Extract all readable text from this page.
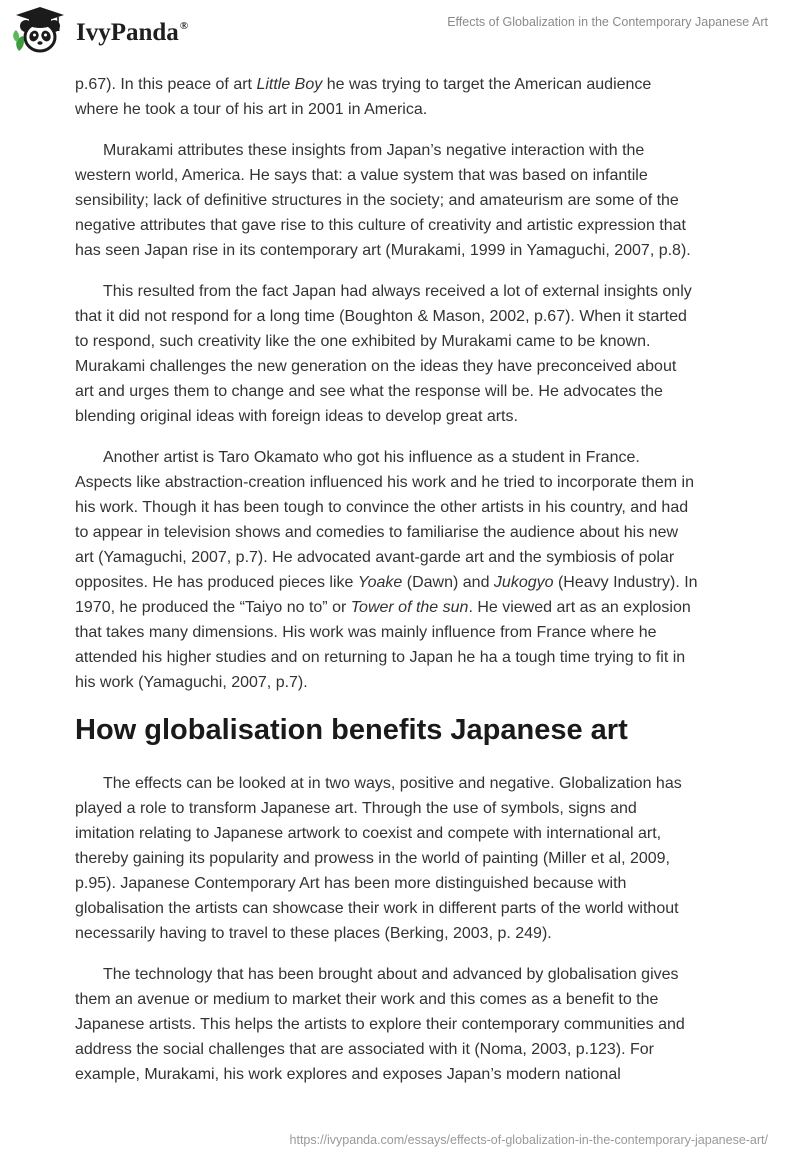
IvyPanda®	Effects of Globalization in the Contemporary Japanese Art

p.67). In this peace of art Little Boy he was trying to target the American audience
where he took a tour of his art in 2001 in America.

Murakami attributes these insights from Japan’s negative interaction with the
western world, America. He says that: a value system that was based on infantile
sensibility; lack of definitive structures in the society; and amateurism are some of the
negative attributes that gave rise to this culture of creativity and artistic expression that
has seen Japan rise in its contemporary art (Murakami, 1999 in Yamaguchi, 2007, p.8).

This resulted from the fact Japan had always received a lot of external insights only
that it did not respond for a long time (Boughton & Mason, 2002, p.67). When it started
to respond, such creativity like the one exhibited by Murakami came to be known.
Murakami challenges the new generation on the ideas they have preconceived about
art and urges them to change and see what the response will be. He advocates the
blending original ideas with foreign ideas to develop great arts.

Another artist is Taro Okamato who got his influence as a student in France.
Aspects like abstraction-creation influenced his work and he tried to incorporate them in
his work. Though it has been tough to convince the other artists in his country, and had
to appear in television shows and comedies to familiarise the audience about his new
art (Yamaguchi, 2007, p.7). He advocated avant-garde art and the symbiosis of polar
opposites. He has produced pieces like Yoake (Dawn) and Jukogyo (Heavy Industry). In
1970, he produced the “Taiyo no to” or Tower of the sun. He viewed art as an explosion
that takes many dimensions. His work was mainly influence from France where he
attended his higher studies and on returning to Japan he ha a tough time trying to fit in
his work (Yamaguchi, 2007, p.7).

How globalisation benefits Japanese art

The effects can be looked at in two ways, positive and negative. Globalization has
played a role to transform Japanese art. Through the use of symbols, signs and
imitation relating to Japanese artwork to coexist and compete with international art,
thereby gaining its popularity and prowess in the world of painting (Miller et al, 2009,
p.95). Japanese Contemporary Art has been more distinguished because with
globalisation the artists can showcase their work in different parts of the world without
necessarily having to travel to these places (Berking, 2003, p. 249).

The technology that has been brought about and advanced by globalisation gives
them an avenue or medium to market their work and this comes as a benefit to the
Japanese artists. This helps the artists to explore their contemporary communities and
address the social challenges that are associated with it (Noma, 2003, p.123). For
example, Murakami, his work explores and exposes Japan’s modern national

https://ivypanda.com/essays/effects-of-globalization-in-the-contemporary-japanese-art/
